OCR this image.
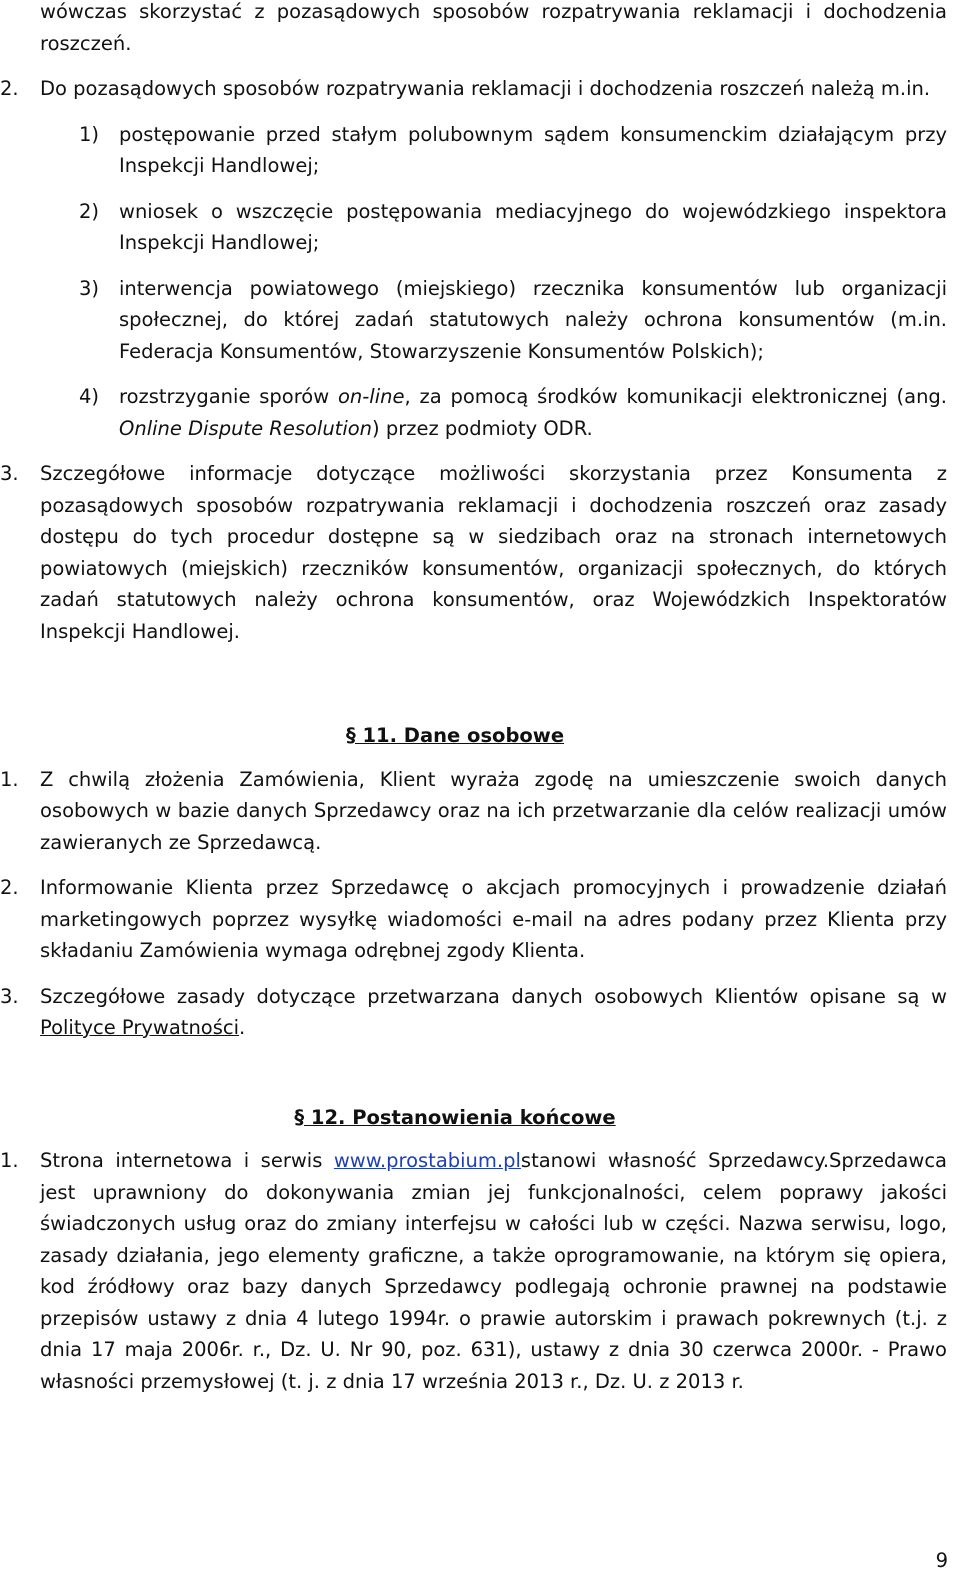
wówczas skorzystać z pozasądowych sposobów rozpatrywania reklamacji i dochodzenia roszczeń.

2. Do pozasądowych sposobów rozpatrywania reklamacji i dochodzenia roszczeń należą m.in.

1) postępowanie przed stałym polubownym sądem konsumenckim działającym przy Inspekcji Handlowej;

2) wniosek o wszczęcie postępowania mediacyjnego do wojewódzkiego inspektora Inspekcji Handlowej;

3) interwencja powiatowego (miejskiego) rzecznika konsumentów lub organizacji społecznej, do której zadań statutowych należy ochrona konsumentów (m.in. Federacja Konsumentów, Stowarzyszenie Konsumentów Polskich);

4) rozstrzyganie sporów on-line, za pomocą środków komunikacji elektronicznej (ang. Online Dispute Resolution) przez podmioty ODR.

3. Szczegółowe informacje dotyczące możliwości skorzystania przez Konsumenta z pozasądowych sposobów rozpatrywania reklamacji i dochodzenia roszczeń oraz zasady dostępu do tych procedur dostępne są w siedzibach oraz na stronach internetowych powiatowych (miejskich) rzeczników konsumentów, organizacji społecznych, do których zadań statutowych należy ochrona konsumentów, oraz Wojewódzkich Inspektoratów Inspekcji Handlowej.

§ 11. Dane osobowe

1. Z chwilą złożenia Zamówienia, Klient wyraża zgodę na umieszczenie swoich danych osobowych w bazie danych Sprzedawcy oraz na ich przetwarzanie dla celów realizacji umów zawieranych ze Sprzedawcą.

2. Informowanie Klienta przez Sprzedawcę o akcjach promocyjnych i prowadzenie działań marketingowych poprzez wysyłkę wiadomości e-mail na adres podany przez Klienta przy składaniu Zamówienia wymaga odrębnej zgody Klienta.

3. Szczegółowe zasady dotyczące przetwarzana danych osobowych Klientów opisane są w Polityce Prywatności.

§ 12. Postanowienia końcowe

1. Strona internetowa i serwis www.prostabium.plstanowi własność Sprzedawcy.Sprzedawca jest uprawniony do dokonywania zmian jej funkcjonalności, celem poprawy jakości świadczonych usług oraz do zmiany interfejsu w całości lub w części. Nazwa serwisu, logo, zasady działania, jego elementy graficzne, a także oprogramowanie, na którym się opiera, kod źródłowy oraz bazy danych Sprzedawcy podlegają ochronie prawnej na podstawie przepisów ustawy z dnia 4 lutego 1994r. o prawie autorskim i prawach pokrewnych (t.j. z dnia 17 maja 2006r. r., Dz. U. Nr 90, poz. 631), ustawy z dnia 30 czerwca 2000r. - Prawo własności przemysłowej (t. j. z dnia 17 września 2013 r., Dz. U. z 2013 r.

9
